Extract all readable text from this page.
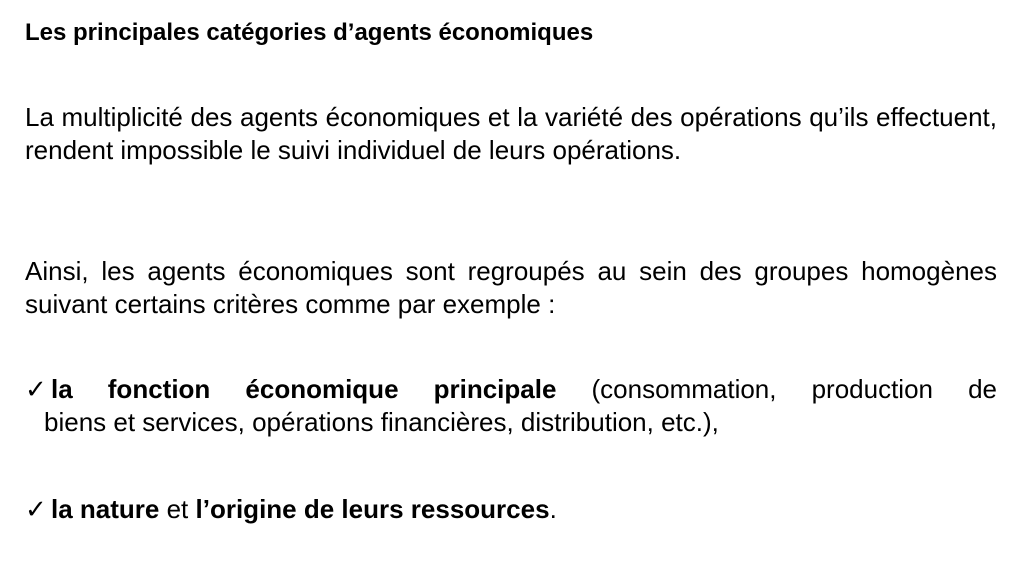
Les principales catégories d’agents économiques
La multiplicité des agents économiques et la variété des opérations qu’ils effectuent, rendent impossible le suivi individuel de leurs opérations.
Ainsi, les agents économiques sont regroupés au sein des groupes homogènes suivant certains critères comme par exemple :
✓ la fonction économique principale (consommation, production de
biens et services, opérations financières, distribution, etc.),
✓ la nature et l’origine de leurs ressources.
